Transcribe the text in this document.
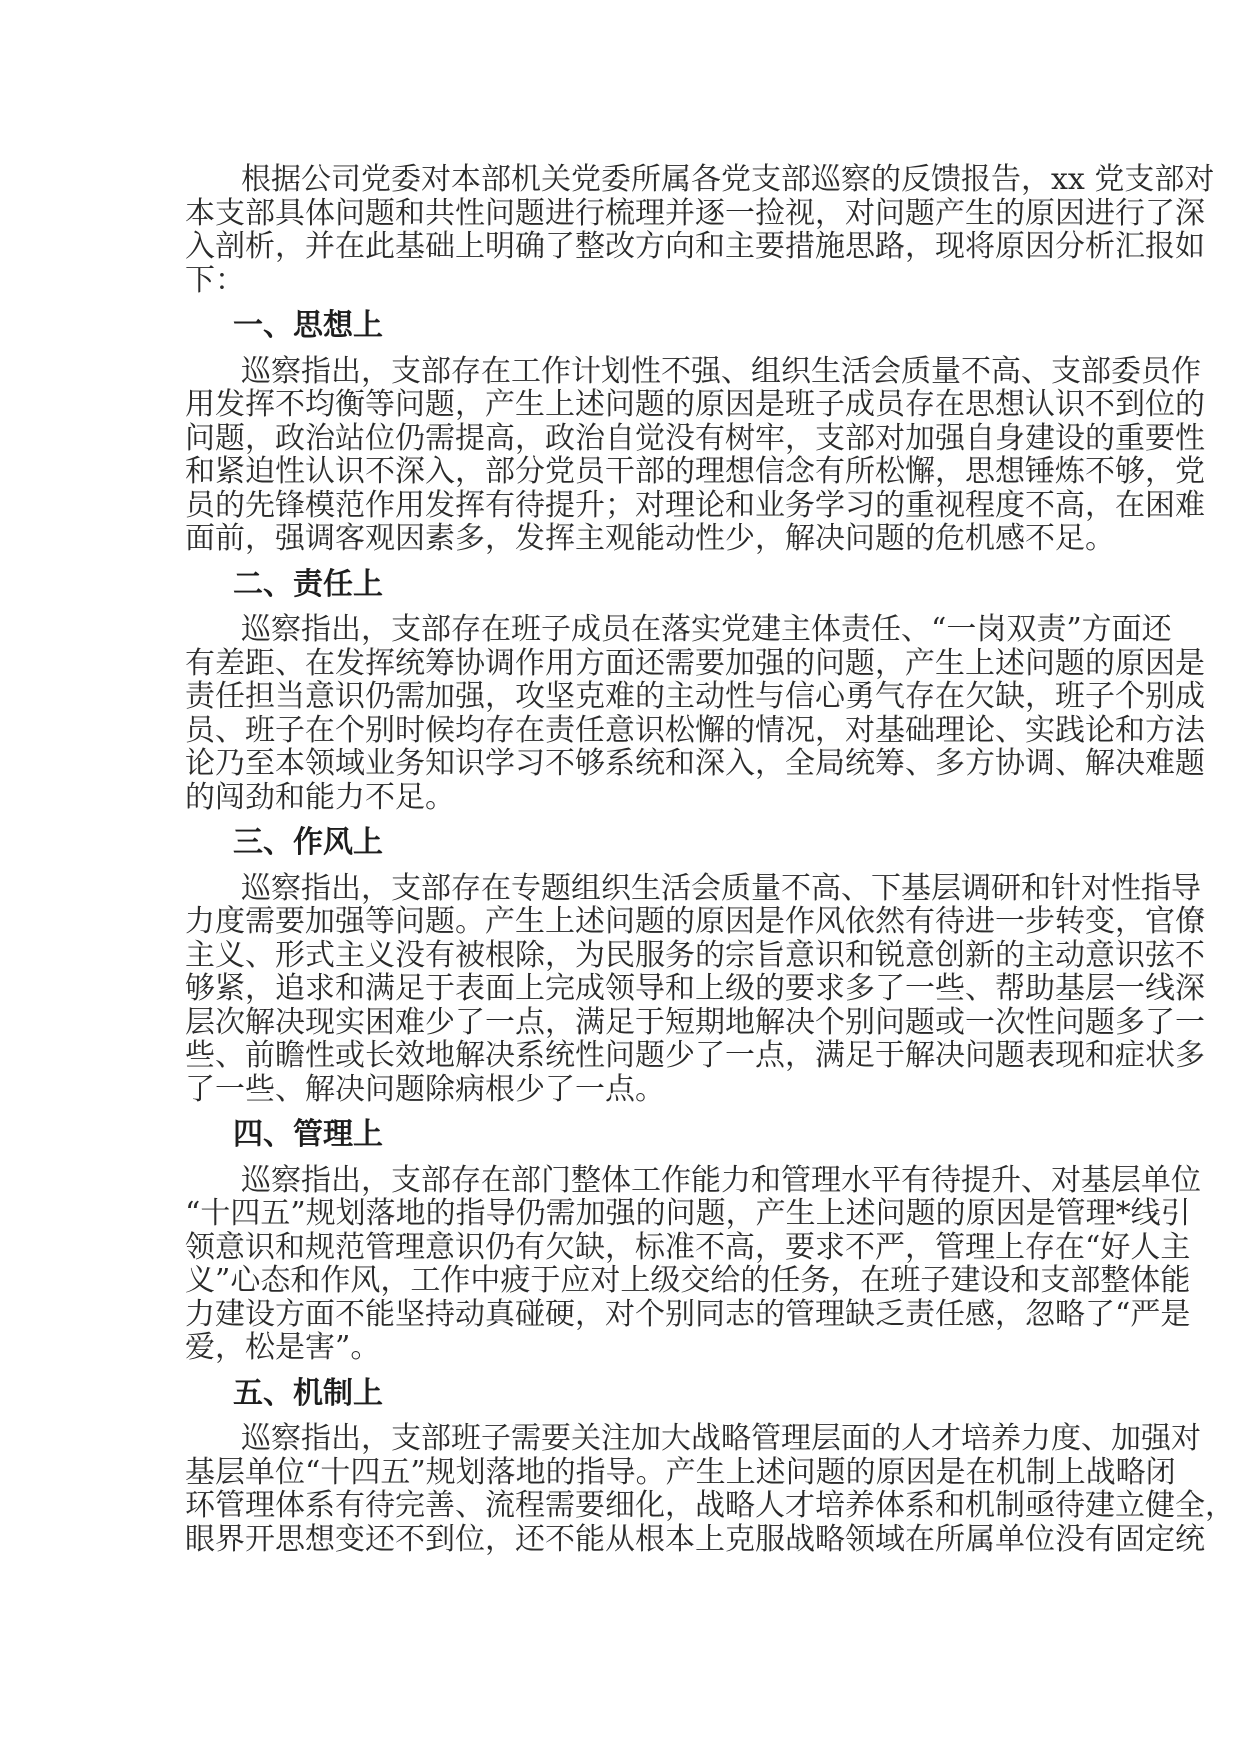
根据公司党委对本部机关党委所属各党支部巡察的反馈报告，xx 党支部对
本支部具体问题和共性问题进行梳理并逐一捡视，对问题产生的原因进行了深
入剖析，并在此基础上明确了整改方向和主要措施思路，现将原因分析汇报如
下：
一、思想上
巡察指出，支部存在工作计划性不强、组织生活会质量不高、支部委员作
用发挥不均衡等问题，产生上述问题的原因是班子成员存在思想认识不到位的
问题，政治站位仍需提高，政治自觉没有树牢，支部对加强自身建设的重要性
和紧迫性认识不深入，部分党员干部的理想信念有所松懈，思想锤炼不够，党
员的先锋模范作用发挥有待提升；对理论和业务学习的重视程度不高，在困难
面前，强调客观因素多，发挥主观能动性少，解决问题的危机感不足。
二、责任上
巡察指出，支部存在班子成员在落实党建主体责任、“一岗双责”方面还
有差距、在发挥统筹协调作用方面还需要加强的问题，产生上述问题的原因是
责任担当意识仍需加强，攻坚克难的主动性与信心勇气存在欠缺，班子个别成
员、班子在个别时候均存在责任意识松懈的情况，对基础理论、实践论和方法
论乃至本领域业务知识学习不够系统和深入，全局统筹、多方协调、解决难题
的闯劲和能力不足。
三、作风上
巡察指出，支部存在专题组织生活会质量不高、下基层调研和针对性指导
力度需要加强等问题。产生上述问题的原因是作风依然有待进一步转变，官僚
主义、形式主义没有被根除，为民服务的宗旨意识和锐意创新的主动意识弦不
够紧，追求和满足于表面上完成领导和上级的要求多了一些、帮助基层一线深
层次解决现实困难少了一点，满足于短期地解决个别问题或一次性问题多了一
些、前瞻性或长效地解决系统性问题少了一点，满足于解决问题表现和症状多
了一些、解决问题除病根少了一点。
四、管理上
巡察指出，支部存在部门整体工作能力和管理水平有待提升、对基层单位
“十四五”规划落地的指导仍需加强的问题，产生上述问题的原因是管理*线引
领意识和规范管理意识仍有欠缺，标准不高，要求不严，管理上存在“好人主
义”心态和作风，工作中疲于应对上级交给的任务，在班子建设和支部整体能
力建设方面不能坚持动真碰硬，对个别同志的管理缺乏责任感，忽略了“严是
爱，松是害”。
五、机制上
巡察指出，支部班子需要关注加大战略管理层面的人才培养力度、加强对
基层单位“十四五”规划落地的指导。产生上述问题的原因是在机制上战略闭
环管理体系有待完善、流程需要细化，战略人才培养体系和机制亟待建立健全，
眼界开思想变还不到位，还不能从根本上克服战略领域在所属单位没有固定统
